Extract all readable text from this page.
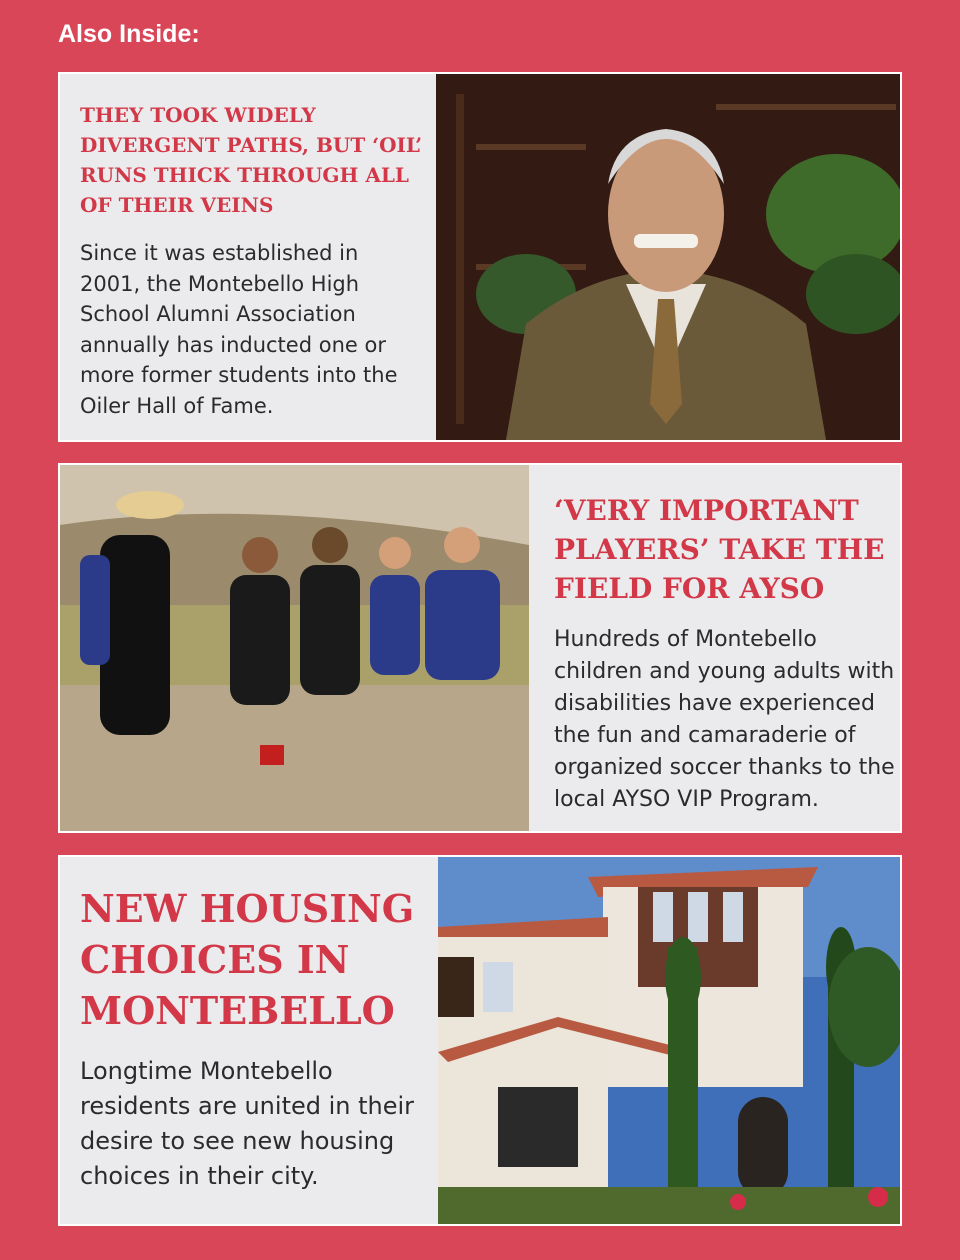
Also Inside:

THEY TOOK WIDELY DIVERGENT PATHS, BUT ‘OIL’ RUNS THICK THROUGH ALL OF THEIR VEINS

Since it was established in 2001, the Montebello High School Alumni Association annually has inducted one or more former students into the Oiler Hall of Fame.

‘VERY IMPORTANT PLAYERS’ TAKE THE FIELD FOR AYSO

Hundreds of Montebello children and young adults with disabilities have experienced the fun and camaraderie of organized soccer thanks to the local AYSO VIP Program.

NEW HOUSING CHOICES IN MONTEBELLO

Longtime Montebello residents are united in their desire to see new housing choices in their city.
